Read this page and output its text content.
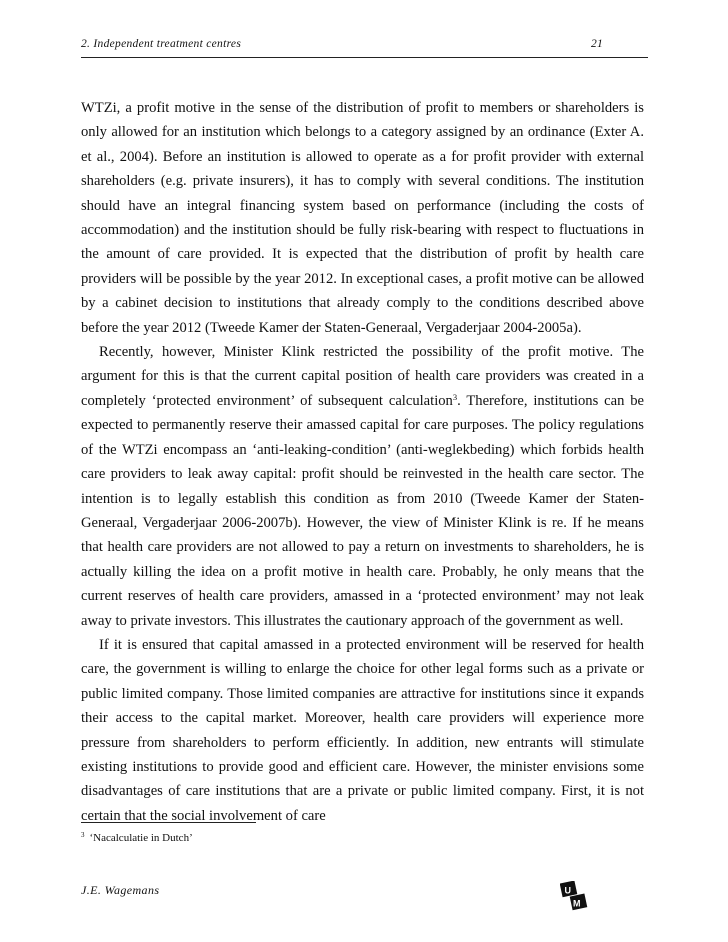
2. Independent treatment centres	21

WTZi, a profit motive in the sense of the distribution of profit to members or shareholders is only allowed for an institution which belongs to a category assigned by an ordinance (Exter A. et al., 2004). Before an institution is allowed to operate as a for profit provider with external shareholders (e.g. private insurers), it has to comply with several conditions. The institution should have an integral financing system based on performance (including the costs of accommodation) and the institution should be fully risk-bearing with respect to fluctuations in the amount of care provided. It is expected that the distribution of profit by health care providers will be possible by the year 2012. In exceptional cases, a profit motive can be allowed by a cabinet decision to institutions that already comply to the conditions described above before the year 2012 (Tweede Kamer der Staten-Generaal, Vergaderjaar 2004-2005a).

Recently, however, Minister Klink restricted the possibility of the profit motive. The argument for this is that the current capital position of health care providers was created in a completely ‘protected environment’ of subsequent calculation$^3$. Therefore, institutions can be expected to permanently reserve their amassed capital for care purposes. The policy regulations of the WTZi encompass an ‘anti-leaking-condition’ (anti-weglekbeding) which forbids health care providers to leak away capital: profit should be reinvested in the health care sector. The intention is to legally establish this condition as from 2010 (Tweede Kamer der Staten-Generaal, Vergaderjaar 2006-2007b). However, the view of Minister Klink is re. If he means that health care providers are not allowed to pay a return on investments to shareholders, he is actually killing the idea on a profit motive in health care. Probably, he only means that the current reserves of health care providers, amassed in a ‘protected environment’ may not leak away to private investors. This illustrates the cautionary approach of the government as well.

If it is ensured that capital amassed in a protected environment will be reserved for health care, the government is willing to enlarge the choice for other legal forms such as a private or public limited company. Those limited companies are attractive for institutions since it expands their access to the capital market. Moreover, health care providers will experience more pressure from shareholders to perform efficiently. In addition, new entrants will stimulate existing institutions to provide good and efficient care. However, the minister envisions some disadvantages of care institutions that are a private or public limited company. First, it is not certain that the social involvement of care

$^3$ ‘Nacalculatie in Dutch’
J.E. Wagemans	U
M
